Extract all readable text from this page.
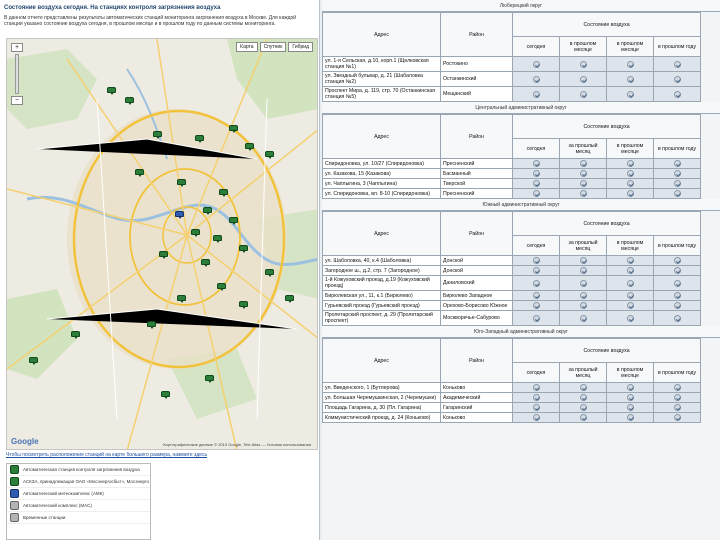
Состояние воздуха сегодня. На станциях контроля загрязнения воздуха
В данном отчете представлены результаты автоматических станций мониторинга загрязнения воздуха в Москве. Для каждой станции указано состояние воздуха сегодня, в прошлом месяце и в прошлом году по данным системы мониторинга.
+
−
Карта	Спутник	Гибрид
Google	Картографические данные © 2010 Google, Tele Atlas — Условия использования
Чтобы посмотреть расположение станций на карте большего размера, нажмите здесь
Автоматическая станция контроля загрязнения воздуха
АСКЗА, принадлежащая ОАО «Мосэнергосбыт», Мосэнерго
Автоматический метеокомплекс (АМК)
Автоматический комплекс (МАС)
Временные станции
Люберецкий округ
Адрес	Район	Состояние воздуха			
		сегодня	в прошлом месяце	в прошлом месяце	в прошлом году
ул. 1-я Сельская, д.10, корп.1 (Щелковская станция №1)	Ростокино				
ул. Звездный бульвар, д. 21 (Шабаловка станция №2)	Останкинский				
Проспект Мира, д. 119, стр. 70 (Останкинская станция №5)	Мещанский				
Центральный административный округ
Адрес	Район	Состояние воздуха			
		сегодня	за прошлый месяц	в прошлом месяце	в прошлом году
Спиридоновка, ул. 10/27 (Спиридоновка)	Пресненский				
ул. Казакова, 15 (Казакова)	Басманный				
ул. Чаплыгина, 3 (Чаплыгина)	Тверской				
ул. Спиридоновка, вл. 8-10 (Спиридоновка)	Пресненский				
Южный административный округ
Адрес	Район	Состояние воздуха			
		сегодня	за прошлый месяц	в прошлом месяце	в прошлом году
ул. Шаболовка, 40, к.4 (Шаболовка)	Донской				
Загородное ш., д.2, стр. 7 (Загородное)	Донской				
1-й Кожуховский проезд, д.19 (Кожуховский проезд)	Даниловский				
Бирюлевская ул., 11, к.1 (Бирюлево)	Бирюлево Западное				
Гурьевский проезд (Гурьевский проезд)	Орехово-Борисово Южное				
Пролетарский проспект, д. 29 (Пролетарский проспект)	Москворечье-Сабурово				
Юго-Западный административный округ
Адрес	Район	Состояние воздуха			
		сегодня	за прошлый месяц	в прошлом месяце	в прошлом году
ул. Введенского, 1 (Бутлерова)	Коньково				
ул. Большая Черемушкинская, 2 (Черемушки)	Академический				
Площадь Гагарина, д. 30 (Пл. Гагарина)	Гагаринский				
Коммунистический проезд, д. 24 (Коньково)	Коньково				
